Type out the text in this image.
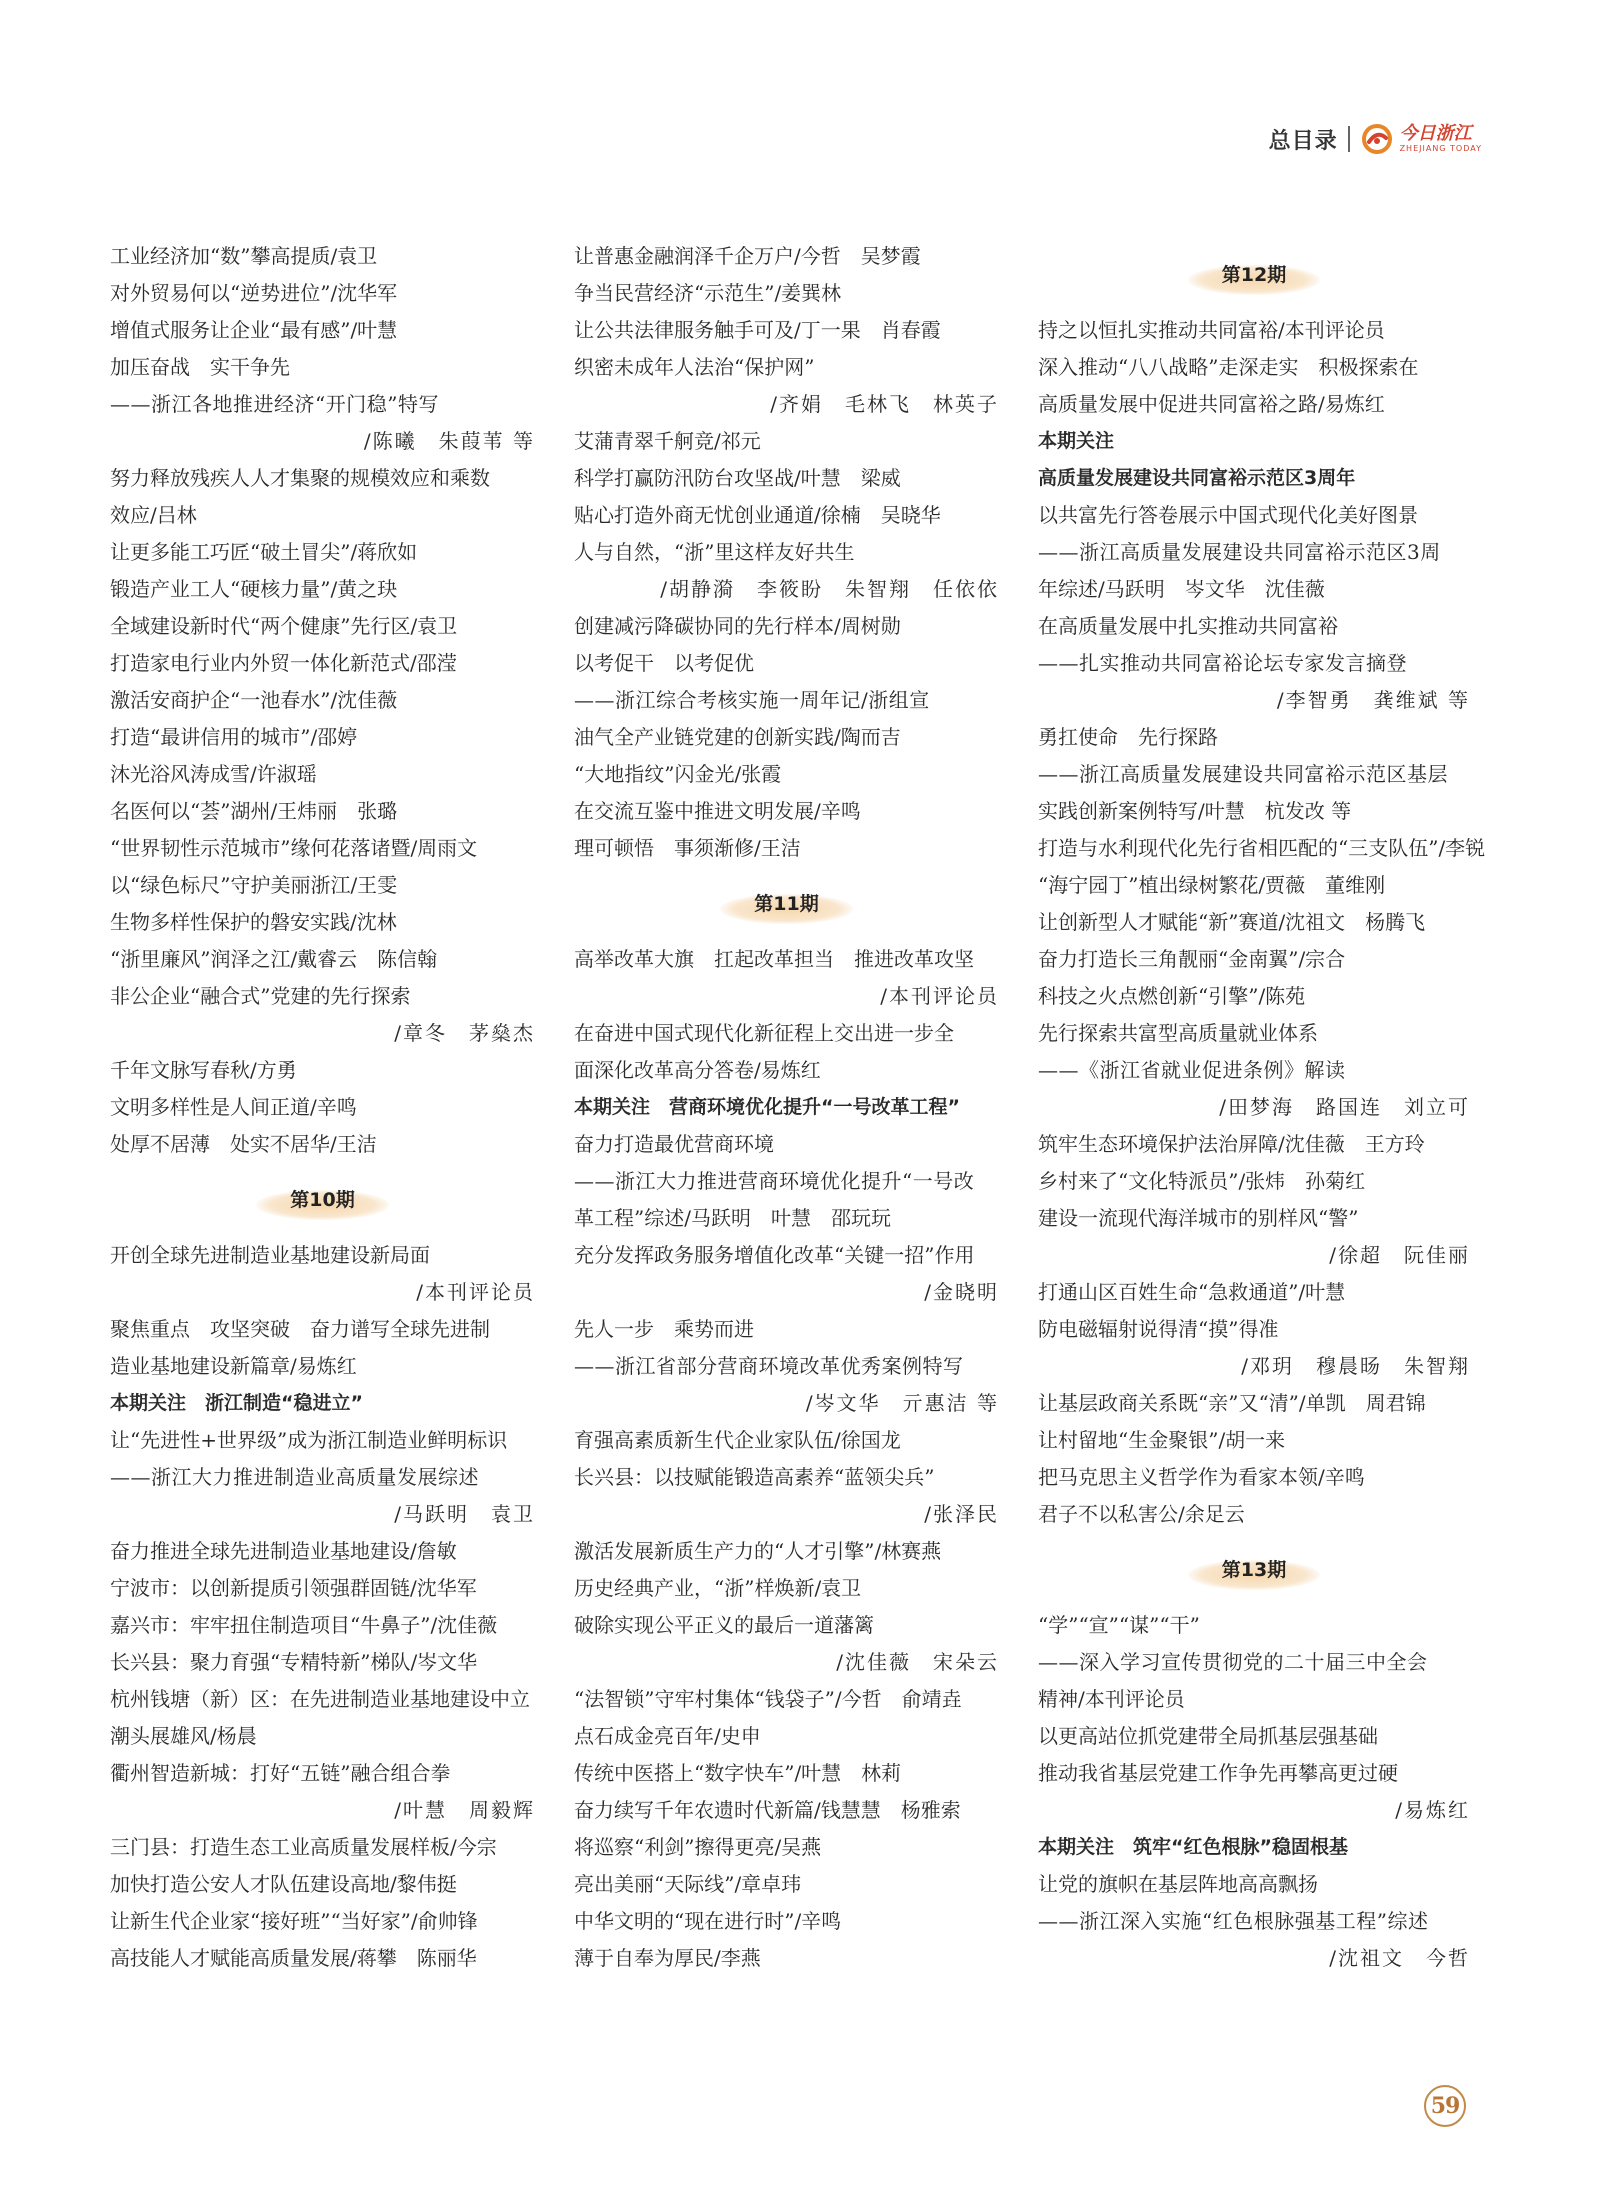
总目录	今日浙江
ZHEJIANG TODAY
工业经济加“数”攀高提质/袁卫
对外贸易何以“逆势进位”/沈华军
增值式服务让企业“最有感”/叶慧
加压奋战　实干争先
——浙江各地推进经济“开门稳”特写
/陈曦　朱葭苇 等
努力释放残疾人人才集聚的规模效应和乘数
效应/吕林
让更多能工巧匠“破土冒尖”/蒋欣如
锻造产业工人“硬核力量”/黄之玦
全域建设新时代“两个健康”先行区/袁卫
打造家电行业内外贸一体化新范式/邵滢
激活安商护企“一池春水”/沈佳薇
打造“最讲信用的城市”/邵婷
沐光浴风涛成雪/许淑瑶
名医何以“荟”湖州/王炜丽　张璐
“世界韧性示范城市”缘何花落诸暨/周雨文
以“绿色标尺”守护美丽浙江/王雯
生物多样性保护的磐安实践/沈林
“浙里廉风”润泽之江/戴睿云　陈信翰
非公企业“融合式”党建的先行探索
/章冬　茅燊杰
千年文脉写春秋/方勇
文明多样性是人间正道/辛鸣
处厚不居薄　处实不居华/王洁
第10期
开创全球先进制造业基地建设新局面
/本刊评论员
聚焦重点　攻坚突破　奋力谱写全球先进制
造业基地建设新篇章/易炼红
本期关注　浙江制造“稳进立”
让“先进性+世界级”成为浙江制造业鲜明标识
——浙江大力推进制造业高质量发展综述
/马跃明　袁卫
奋力推进全球先进制造业基地建设/詹敏
宁波市：以创新提质引领强群固链/沈华军
嘉兴市：牢牢扭住制造项目“牛鼻子”/沈佳薇
长兴县：聚力育强“专精特新”梯队/岑文华
杭州钱塘（新）区：在先进制造业基地建设中立
潮头展雄风/杨晨
衢州智造新城：打好“五链”融合组合拳
/叶慧　周毅辉
三门县：打造生态工业高质量发展样板/今宗
加快打造公安人才队伍建设高地/黎伟挺
让新生代企业家“接好班”“当好家”/俞帅锋
高技能人才赋能高质量发展/蒋攀　陈丽华
让普惠金融润泽千企万户/今哲　吴梦霞
争当民营经济“示范生”/姜巽林
让公共法律服务触手可及/丁一果　肖春霞
织密未成年人法治“保护网”
/齐娟　毛林飞　林英子
艾蒲青翠千舸竞/祁元
科学打赢防汛防台攻坚战/叶慧　梁威
贴心打造外商无忧创业通道/徐楠　吴晓华
人与自然，“浙”里这样友好共生
/胡静漪　李筱盼　朱智翔　任依依
创建减污降碳协同的先行样本/周树勋
以考促干　以考促优
——浙江综合考核实施一周年记/浙组宣
油气全产业链党建的创新实践/陶而吉
“大地指纹”闪金光/张霞
在交流互鉴中推进文明发展/辛鸣
理可顿悟　事须渐修/王洁
第11期
高举改革大旗　扛起改革担当　推进改革攻坚
/本刊评论员
在奋进中国式现代化新征程上交出进一步全
面深化改革高分答卷/易炼红
本期关注　营商环境优化提升“一号改革工程”
奋力打造最优营商环境
——浙江大力推进营商环境优化提升“一号改
革工程”综述/马跃明　叶慧　邵玩玩
充分发挥政务服务增值化改革“关键一招”作用
/金晓明
先人一步　乘势而进
——浙江省部分营商环境改革优秀案例特写
/岑文华　亓惠洁 等
育强高素质新生代企业家队伍/徐国龙
长兴县：以技赋能锻造高素养“蓝领尖兵”
/张泽民
激活发展新质生产力的“人才引擎”/林赛燕
历史经典产业，“浙”样焕新/袁卫
破除实现公平正义的最后一道藩篱
/沈佳薇　宋朵云
“法智锁”守牢村集体“钱袋子”/今哲　俞靖垚
点石成金亮百年/史申
传统中医搭上“数字快车”/叶慧　林莉
奋力续写千年农遗时代新篇/钱慧慧　杨雅索
将巡察“利剑”擦得更亮/吴燕
亮出美丽“天际线”/章卓玮
中华文明的“现在进行时”/辛鸣
薄于自奉为厚民/李燕
第12期
持之以恒扎实推动共同富裕/本刊评论员
深入推动“八八战略”走深走实　积极探索在
高质量发展中促进共同富裕之路/易炼红
本期关注
高质量发展建设共同富裕示范区3周年
以共富先行答卷展示中国式现代化美好图景
——浙江高质量发展建设共同富裕示范区3周
年综述/马跃明　岑文华　沈佳薇
在高质量发展中扎实推动共同富裕
——扎实推动共同富裕论坛专家发言摘登
/李智勇　龚维斌 等
勇扛使命　先行探路
——浙江高质量发展建设共同富裕示范区基层
实践创新案例特写/叶慧　杭发改 等
打造与水利现代化先行省相匹配的“三支队伍”/李锐
“海宁园丁”植出绿树繁花/贾薇　董维刚
让创新型人才赋能“新”赛道/沈祖文　杨腾飞
奋力打造长三角靓丽“金南翼”/宗合
科技之火点燃创新“引擎”/陈苑
先行探索共富型高质量就业体系
——《浙江省就业促进条例》解读
/田梦海　路国连　刘立可
筑牢生态环境保护法治屏障/沈佳薇　王方玲
乡村来了“文化特派员”/张炜　孙菊红
建设一流现代海洋城市的别样风“警”
/徐超　阮佳丽
打通山区百姓生命“急救通道”/叶慧
防电磁辐射说得清“摸”得准
/邓玥　穆晨旸　朱智翔
让基层政商关系既“亲”又“清”/单凯　周君锦
让村留地“生金聚银”/胡一来
把马克思主义哲学作为看家本领/辛鸣
君子不以私害公/余足云
第13期
“学”“宣”“谋”“干”
——深入学习宣传贯彻党的二十届三中全会
精神/本刊评论员
以更高站位抓党建带全局抓基层强基础
推动我省基层党建工作争先再攀高更过硬
/易炼红
本期关注　筑牢“红色根脉”稳固根基
让党的旗帜在基层阵地高高飘扬
——浙江深入实施“红色根脉强基工程”综述
/沈祖文　今哲
59
